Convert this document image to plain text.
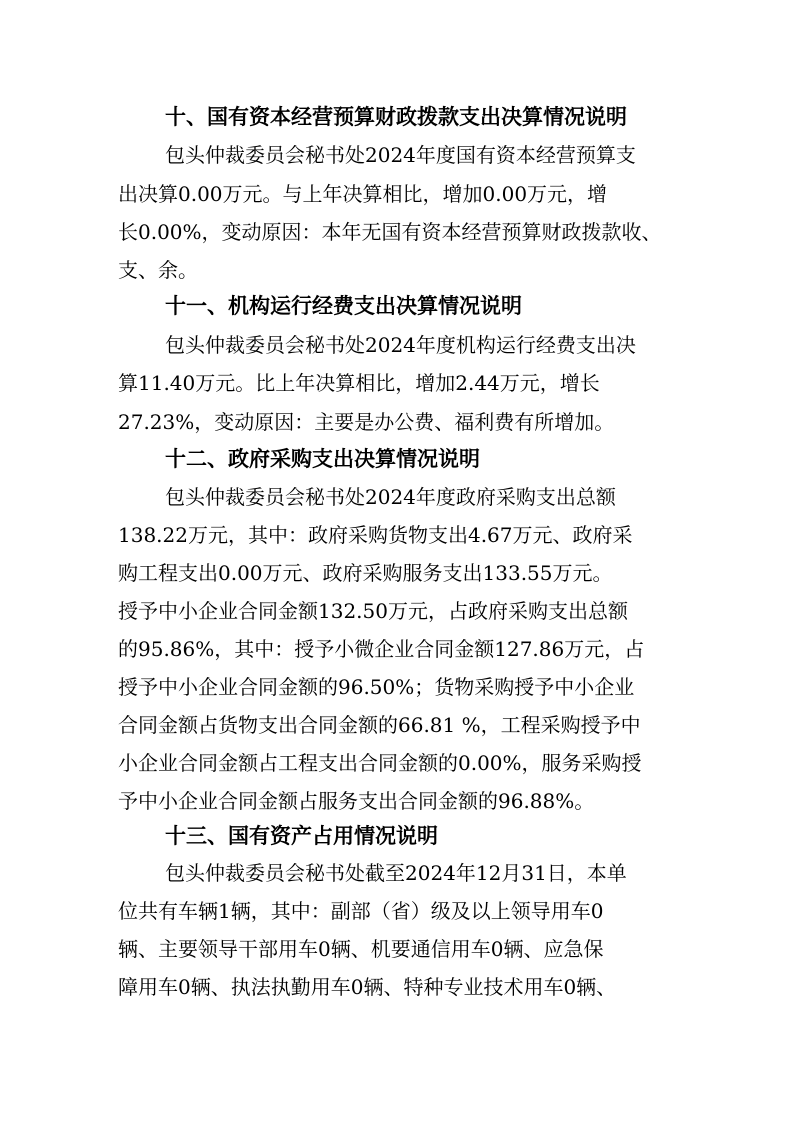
十、国有资本经营预算财政拨款支出决算情况说明

包头仲裁委员会秘书处2024年度国有资本经营预算支

出决算0.00万元。与上年决算相比，增加0.00万元，增

长0.00%，变动原因：本年无国有资本经营预算财政拨款收、

支、余。

十一、机构运行经费支出决算情况说明

包头仲裁委员会秘书处2024年度机构运行经费支出决

算11.40万元。比上年决算相比，增加2.44万元，增长

27.23%，变动原因：主要是办公费、福利费有所增加。

十二、政府采购支出决算情况说明

包头仲裁委员会秘书处2024年度政府采购支出总额

138.22万元，其中：政府采购货物支出4.67万元、政府采

购工程支出0.00万元、政府采购服务支出133.55万元。

授予中小企业合同金额132.50万元，占政府采购支出总额

的95.86%，其中：授予小微企业合同金额127.86万元，占

授予中小企业合同金额的96.50%；货物采购授予中小企业

合同金额占货物支出合同金额的66.81 %，工程采购授予中

小企业合同金额占工程支出合同金额的0.00%，服务采购授

予中小企业合同金额占服务支出合同金额的96.88%。

十三、国有资产占用情况说明

包头仲裁委员会秘书处截至2024年12月31日，本单

位共有车辆1辆，其中：副部（省）级及以上领导用车0

辆、主要领导干部用车0辆、机要通信用车0辆、应急保

障用车0辆、执法执勤用车0辆、特种专业技术用车0辆、
